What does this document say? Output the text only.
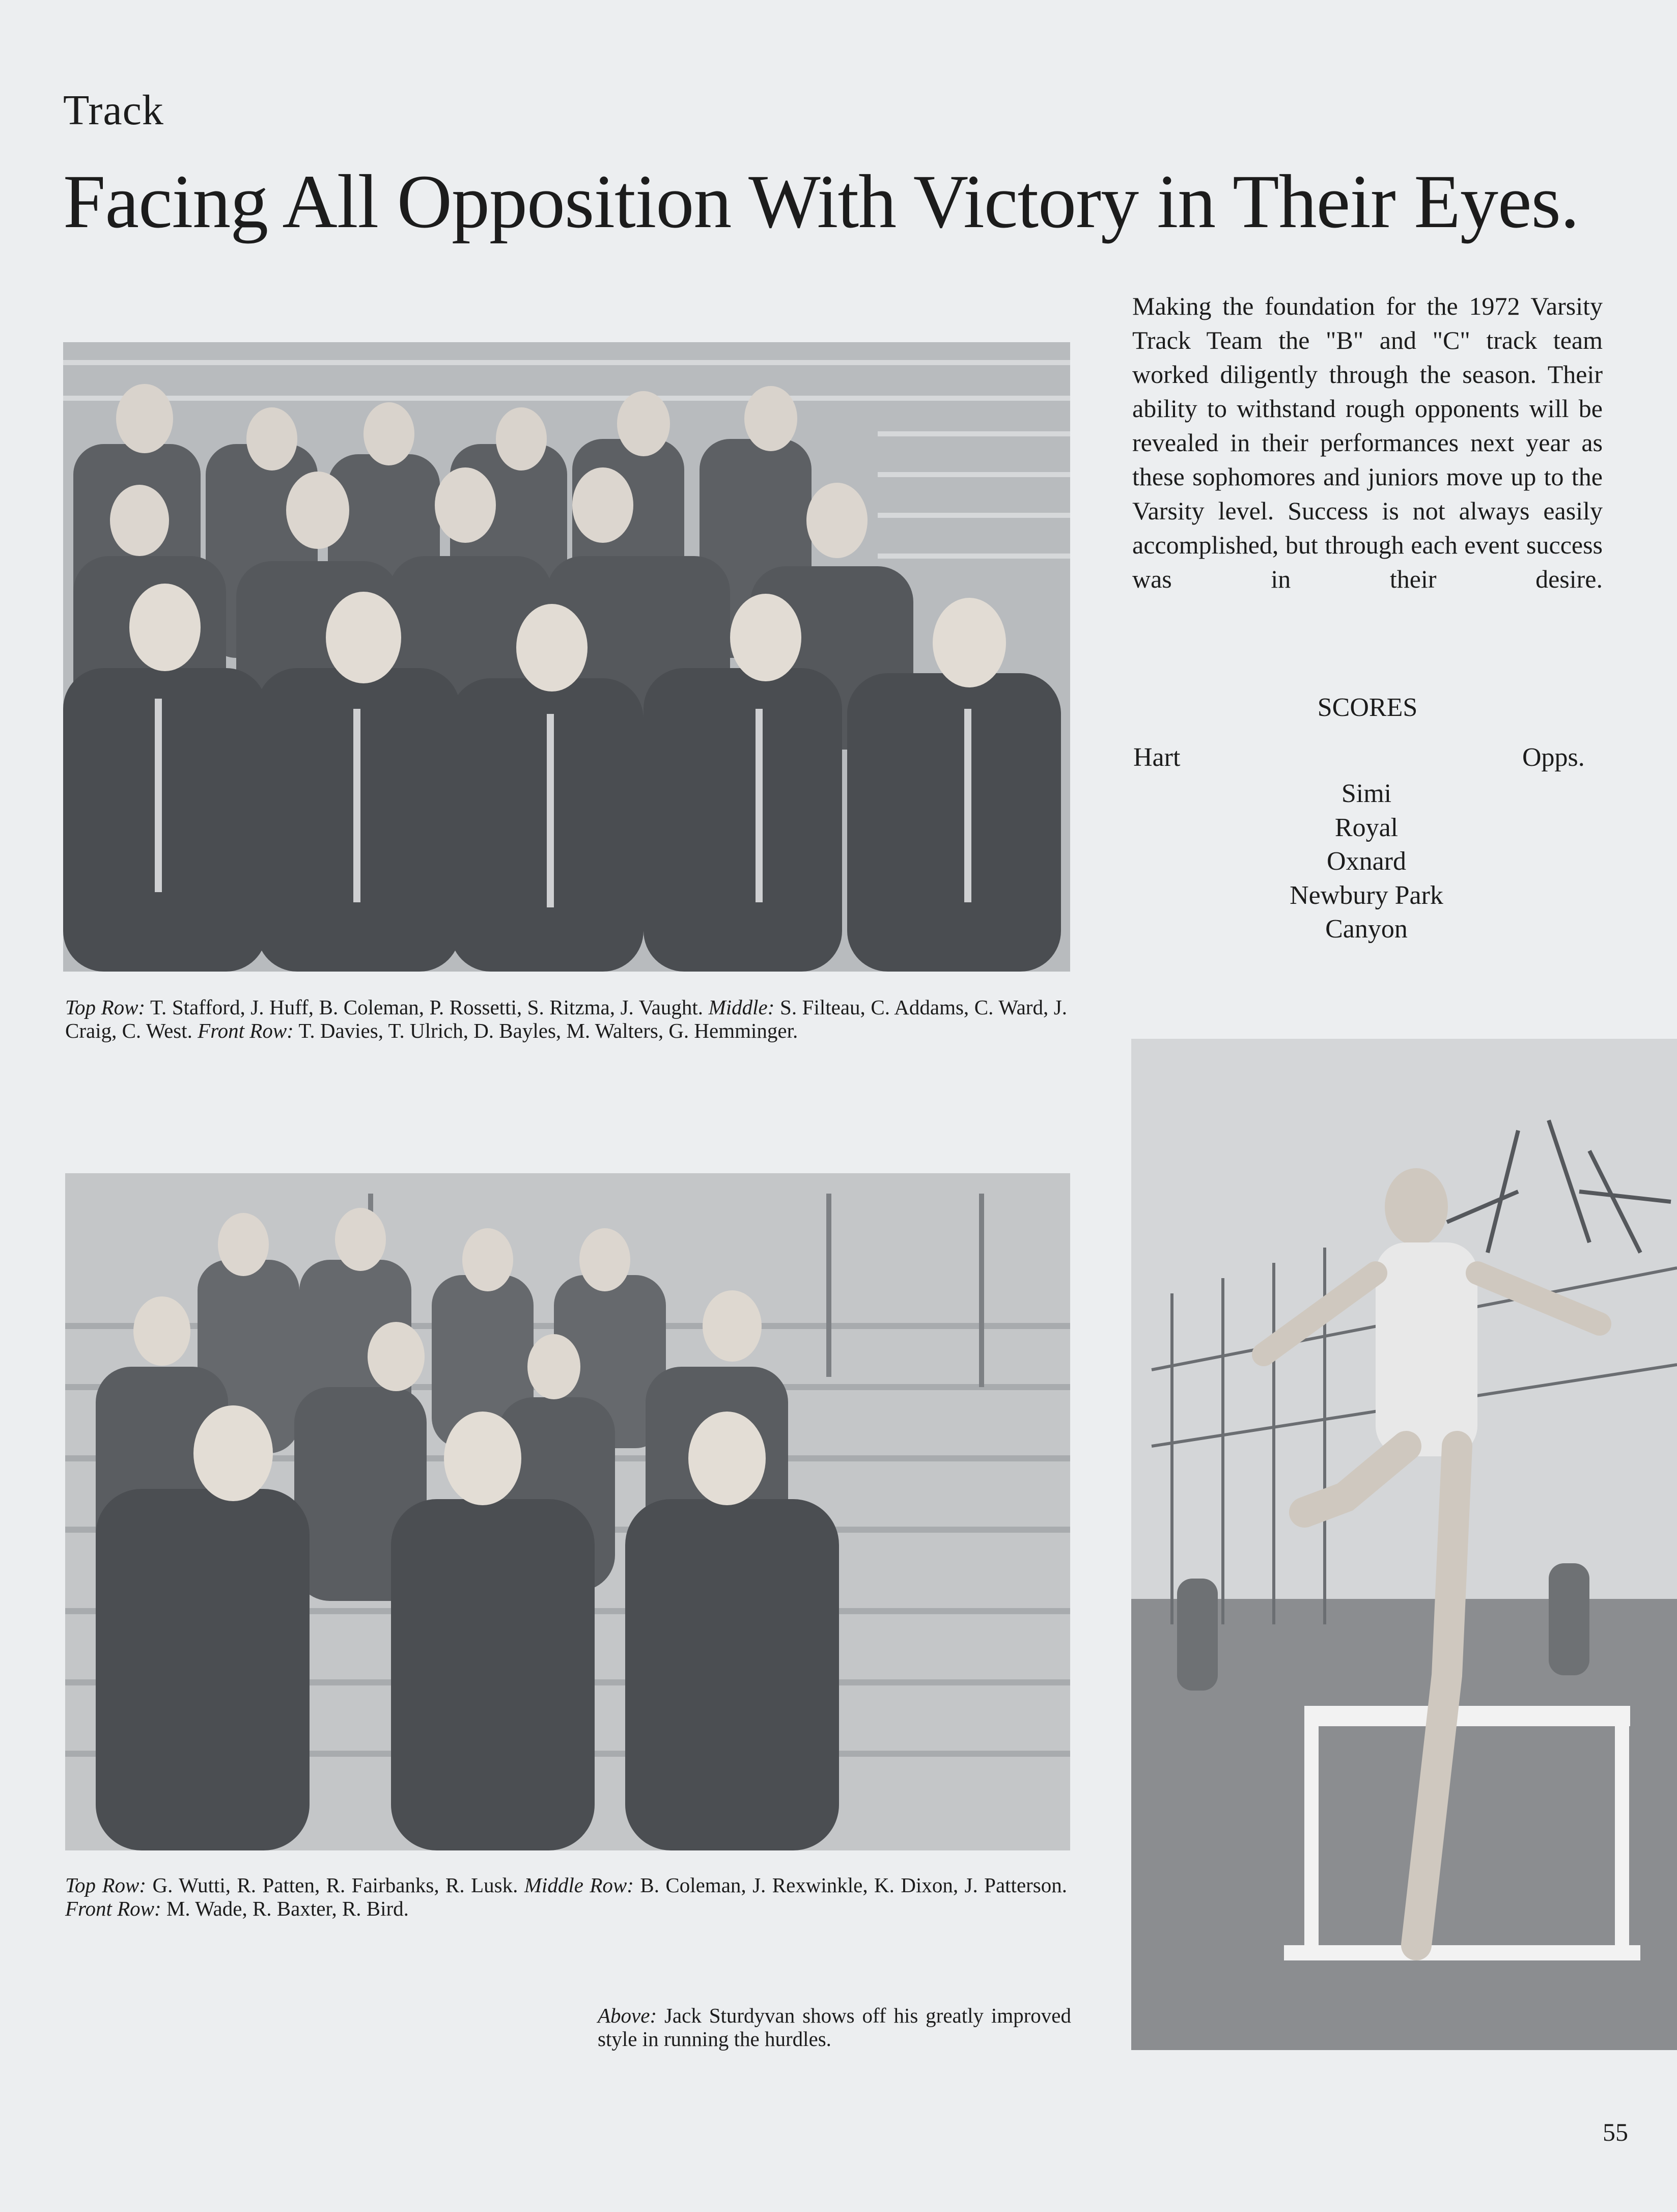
Track
Facing All Opposition With Victory in Their Eyes.
Top Row: T. Stafford, J. Huff, B. Coleman, P. Rossetti, S. Ritzma, J. Vaught. Middle: S. Filteau, C. Addams, C. Ward, J. Craig, C. West. Front Row: T. Davies, T. Ulrich, D. Bayles, M. Walters, G. Hemminger.
Top Row: G. Wutti, R. Patten, R. Fairbanks, R. Lusk. Middle Row: B. Coleman, J. Rexwinkle, K. Dixon, J. Patterson. Front Row: M. Wade, R. Baxter, R. Bird.
Above: Jack Sturdyvan shows off his greatly improved style in running the hurdles.
Making the foundation for the 1972 Varsity Track Team the "B" and "C" track team worked diligently through the season. Their ability to withstand rough opponents will be revealed in their performances next year as these sophomores and juniors move up to the Varsity level. Success is not always easily accomplished, but through each event success was in their desire.
SCORES
Hart	Opps.
Simi
Royal
Oxnard
Newbury Park
Canyon
55
